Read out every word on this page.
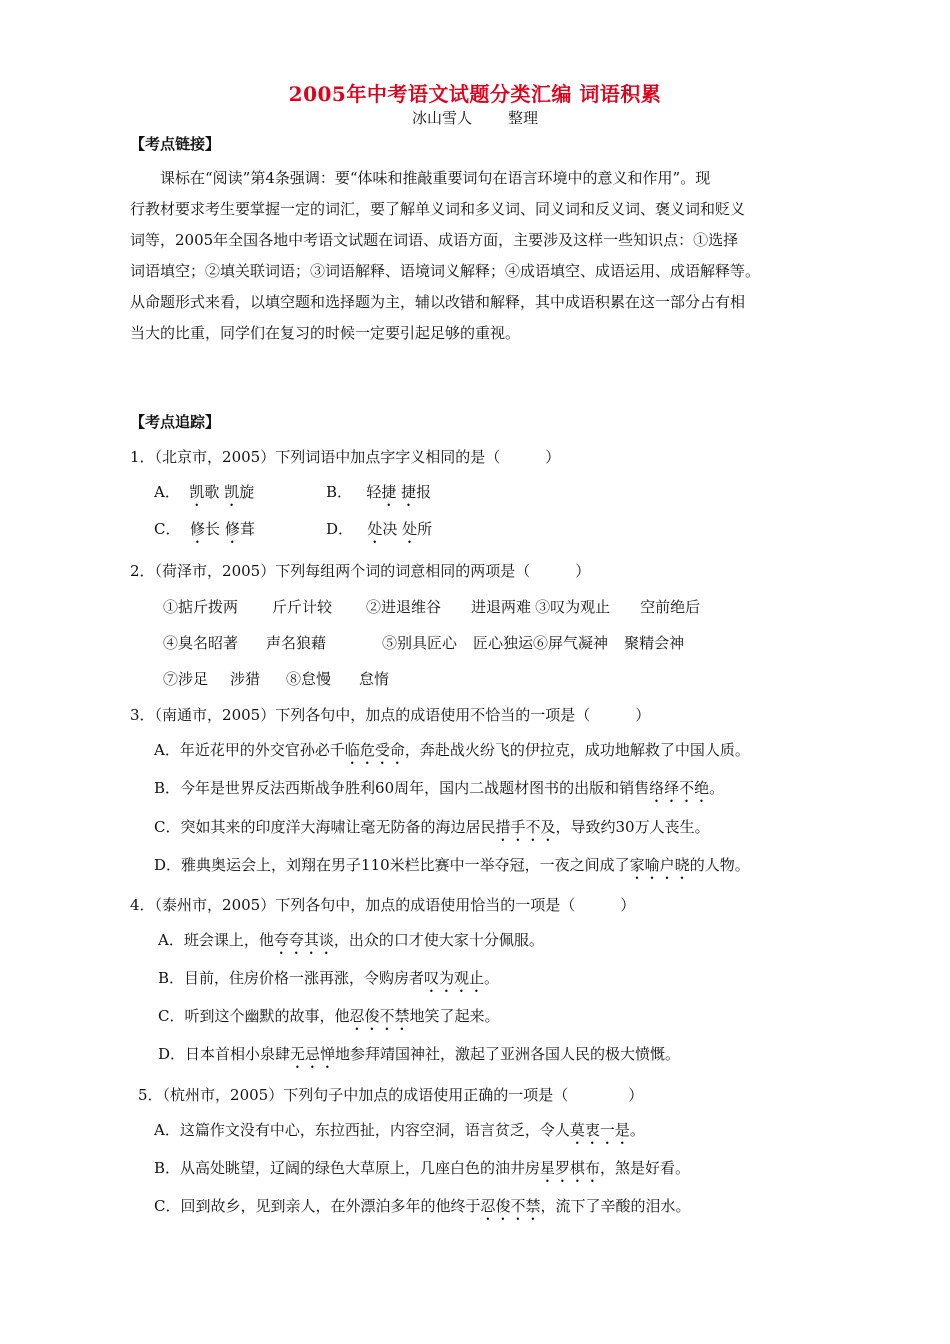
2005年中考语文试题分类汇编 词语积累
冰山雪人 整理
【考点链接】

课标在“阅读”第4条强调：要“体味和推敲重要词句在语言环境中的意义和作用”。现

行教材要求考生要掌握一定的词汇，要了解单义词和多义词、同义词和反义词、褒义词和贬义

词等，2005年全国各地中考语文试题在词语、成语方面，主要涉及这样一些知识点：①选择

词语填空；②填关联词语；③词语解释、语境词义解释；④成语填空、成语运用、成语解释等。

从命题形式来看，以填空题和选择题为主，辅以改错和解释，其中成语积累在这一部分占有相

当大的比重，同学们在复习的时候一定要引起足够的重视。

【考点追踪】
1．（北京市，2005）下列词语中加点字字义相同的是（　　　）
A． 凯歌 凯旋	B． 轻捷 捷报
C． 修长 修葺	D． 处决 处所
2．（荷泽市，2005）下列每组两个词的词意相同的两项是（　　　）
①掂斤拨两 斤斤计较 ②进退维谷 进退两难 ③叹为观止 空前绝后
④臭名昭著 声名狼藉	⑤别具匠心 匠心独运⑥屏气凝神 聚精会神
⑦涉足 涉猎 ⑧怠慢 怠惰
3．（南通市，2005）下列各句中，加点的成语使用不恰当的一项是（　　　）
A．年近花甲的外交官孙必千临危受命，奔赴战火纷飞的伊拉克，成功地解救了中国人质。
B．今年是世界反法西斯战争胜利60周年，国内二战题材图书的出版和销售络绎不绝。
C．突如其来的印度洋大海啸让毫无防备的海边居民措手不及，导致约30万人丧生。
D．雅典奥运会上，刘翔在男子110米栏比赛中一举夺冠，一夜之间成了家喻户晓的人物。
4．（泰州市，2005）下列各句中，加点的成语使用恰当的一项是（　　　）
A．班会课上，他夸夸其谈，出众的口才使大家十分佩服。
B．目前，住房价格一涨再涨，令购房者叹为观止。
C．听到这个幽默的故事，他忍俊不禁地笑了起来。
D．日本首相小泉肆无忌惮地参拜靖国神社，激起了亚洲各国人民的极大愤慨。
5．（杭州市，2005）下列句子中加点的成语使用正确的一项是（　　　　）
A．这篇作文没有中心，东拉西扯，内容空洞，语言贫乏，令人莫衷一是。
B．从高处眺望，辽阔的绿色大草原上，几座白色的油井房星罗棋布，煞是好看。
C．回到故乡，见到亲人，在外漂泊多年的他终于忍俊不禁，流下了辛酸的泪水。
